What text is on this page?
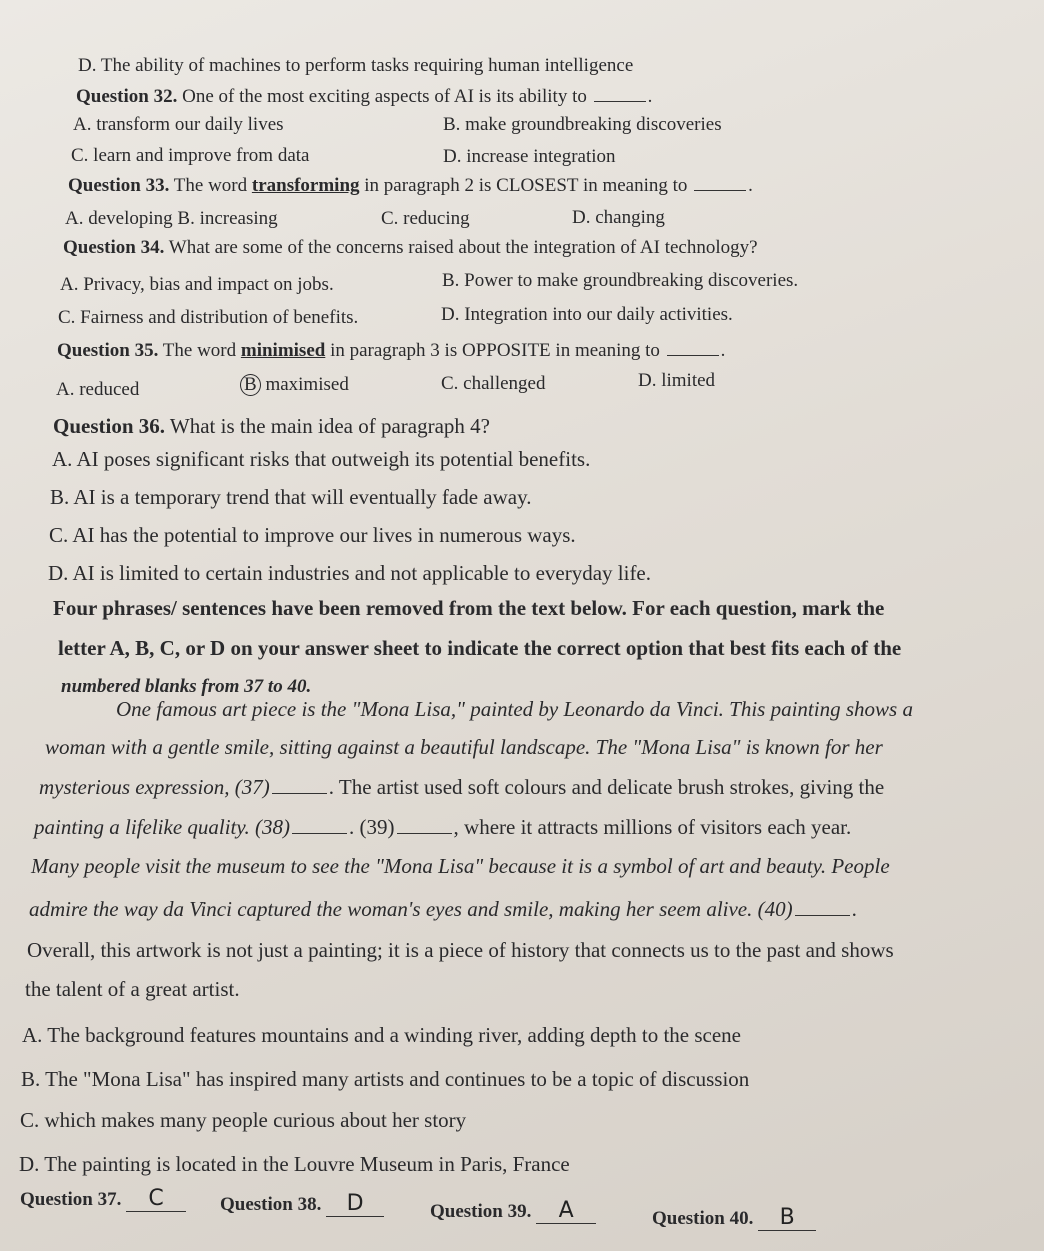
D. The ability of machines to perform tasks requiring human intelligence
Question 32. One of the most exciting aspects of AI is its ability to	.
A. transform our daily lives	B. make groundbreaking discoveries
C. learn and improve from data	D. increase integration
Question 33. The word transforming in paragraph 2 is CLOSEST in meaning to	.
A. developing B. increasing	C. reducing	D. changing
Question 34. What are some of the concerns raised about the integration of AI technology?
A. Privacy, bias and impact on jobs.	B. Power to make groundbreaking discoveries.
C. Fairness and distribution of benefits.	D. Integration into our daily activities.
Question 35. The word minimised in paragraph 3 is OPPOSITE in meaning to	.
A. reduced	B maximised	C. challenged	D. limited
Question 36. What is the main idea of paragraph 4?
A. AI poses significant risks that outweigh its potential benefits.
B. AI is a temporary trend that will eventually fade away.
C. AI has the potential to improve our lives in numerous ways.
D. AI is limited to certain industries and not applicable to everyday life.
Four phrases/ sentences have been removed from the text below. For each question, mark the
letter A, B, C, or D on your answer sheet to indicate the correct option that best fits each of the
numbered blanks from 37 to 40.
One famous art piece is the "Mona Lisa," painted by Leonardo da Vinci. This painting shows a
woman with a gentle smile, sitting against a beautiful landscape. The "Mona Lisa" is known for her
mysterious expression, (37)	. The artist used soft colours and delicate brush strokes, giving the
painting a lifelike quality. (38)	. (39)	, where it attracts millions of visitors each year.
Many people visit the museum to see the "Mona Lisa" because it is a symbol of art and beauty. People
admire the way da Vinci captured the woman's eyes and smile, making her seem alive. (40)	.
Overall, this artwork is not just a painting; it is a piece of history that connects us to the past and shows
the talent of a great artist.
A. The background features mountains and a winding river, adding depth to the scene
B. The "Mona Lisa" has inspired many artists and continues to be a topic of discussion
C. which makes many people curious about her story
D. The painting is located in the Louvre Museum in Paris, France
Question 37. C	Question 38. D	Question 39. A	Question 40. B
